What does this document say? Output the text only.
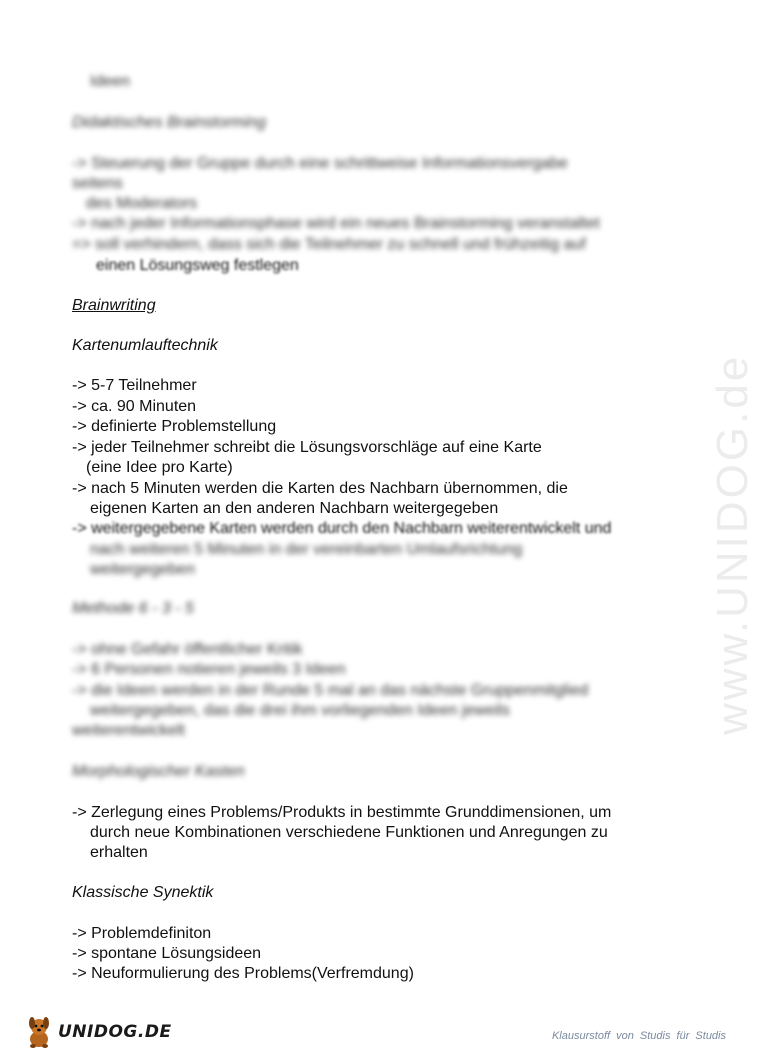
www.UNIDOG.de
Ideen
Didaktisches Brainstorming
-> Steuerung der Gruppe durch eine schrittweise Informationsvergabe
seitens
des Moderators
-> nach jeder Informationsphase wird ein neues Brainstorming veranstaltet
=> soll verhindern, dass sich die Teilnehmer zu schnell und frühzeitig auf
einen Lösungsweg festlegen
Brainwriting
Kartenumlauftechnik
-> 5-7 Teilnehmer
-> ca. 90 Minuten
-> definierte Problemstellung
-> jeder Teilnehmer schreibt die Lösungsvorschläge auf eine Karte
(eine Idee pro Karte)
-> nach 5 Minuten werden die Karten des Nachbarn übernommen, die
eigenen Karten an den anderen Nachbarn weitergegeben
-> weitergegebene Karten werden durch den Nachbarn weiterentwickelt und
nach weiteren 5 Minuten in der vereinbarten Umlaufsrichtung
weitergegeben
Methode 6 - 3 - 5
-> ohne Gefahr öffentlicher Kritik
-> 6 Personen notieren jeweils 3 Ideen
-> die Ideen werden in der Runde 5 mal an das nächste Gruppenmitglied
weitergegeben, das die drei ihm vorliegenden Ideen jeweils
weiterentwickelt
Morphologischer Kasten
-> Zerlegung eines Problems/Produkts in bestimmte Grunddimensionen, um
durch neue Kombinationen verschiedene Funktionen und Anregungen zu
erhalten
Klassische Synektik
-> Problemdefiniton
-> spontane Lösungsideen
-> Neuformulierung des Problems(Verfremdung)
UNIDOG.DE	Klausurstoff von Studis für Studis
